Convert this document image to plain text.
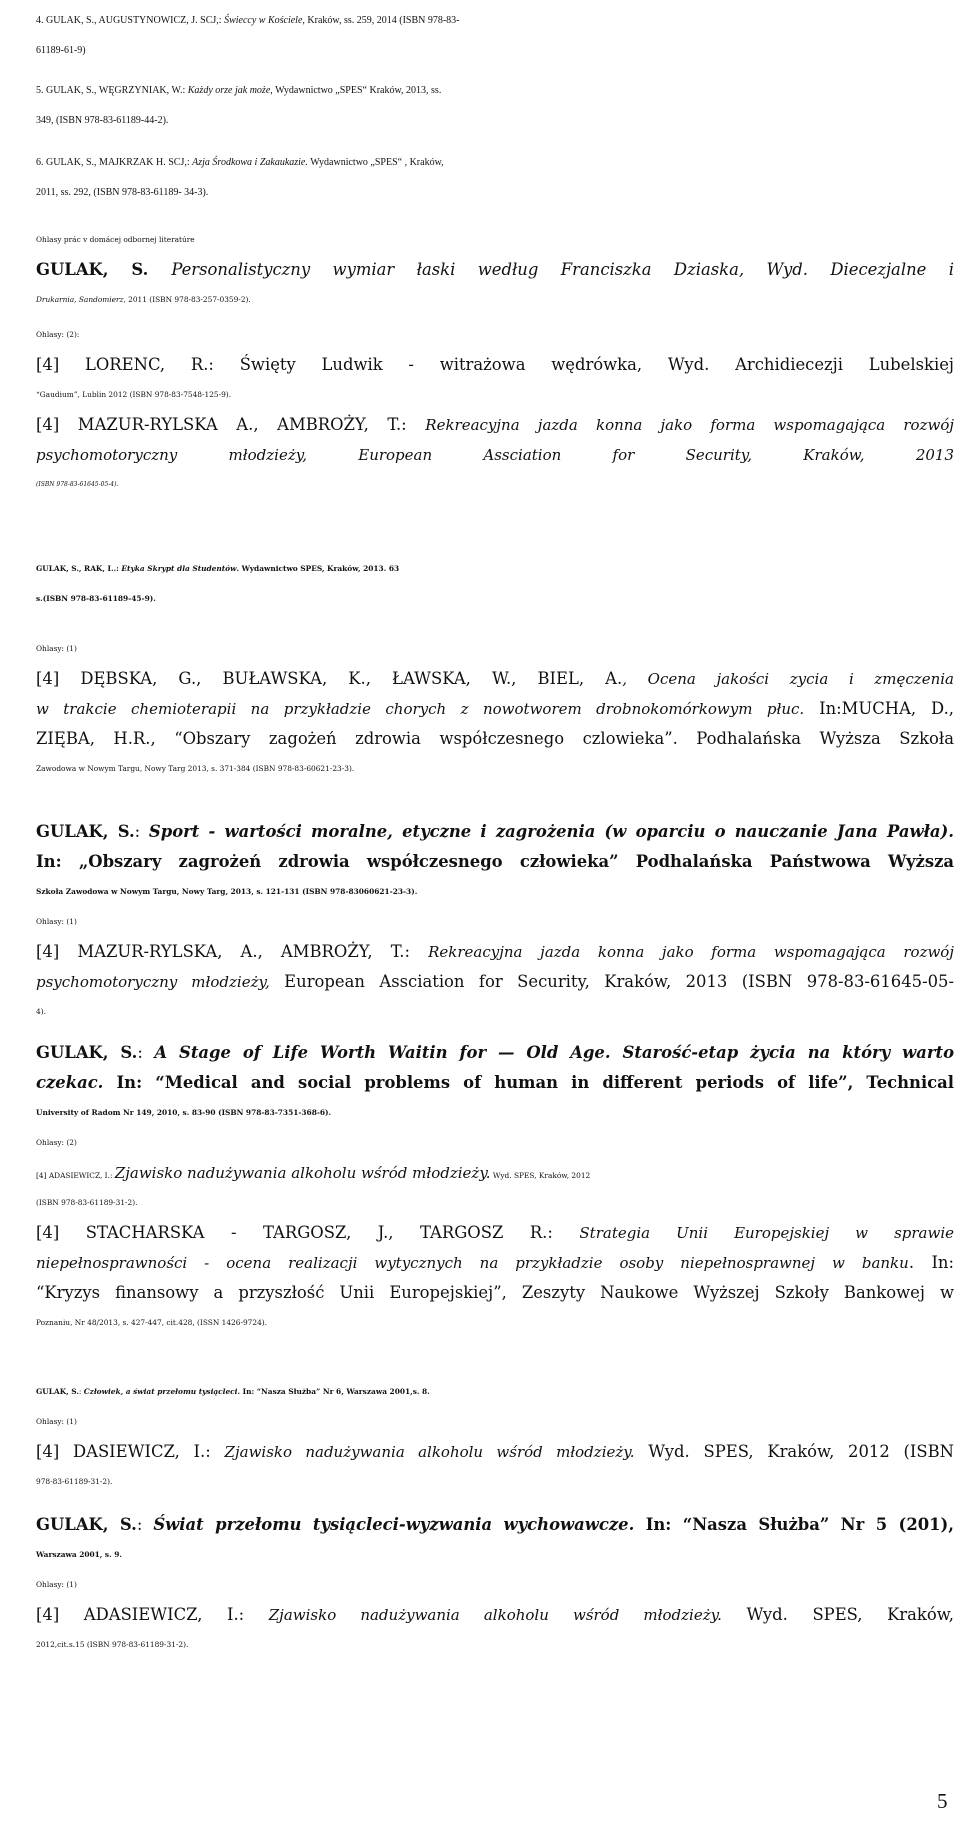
4. GULAK, S., AUGUSTYNOWICZ, J. SCJ,: Świeccy w Kościele, Kraków, ss. 259, 2014 (ISBN 978-83-
61189-61-9)
5. GULAK, S., WĘGRZYNIAK, W.: Każdy orze jak może, Wydawnictwo „SPES“ Kraków, 2013, ss.
349, (ISBN 978-83-61189-44-2).
6. GULAK, S., MAJKRZAK H. SCJ,: Azja Środkowa i Zakaukazie. Wydawnictwo „SPES“ , Kraków,
2011, ss. 292, (ISBN 978-83-61189- 34-3).
Ohlasy prác v domácej odbornej literatúre
GULAK, S. Personalistyczny wymiar łaski według Franciszka Dziaska, Wyd. Diecezjalne i
Drukarnia, Sandomierz, 2011 (ISBN 978-83-257-0359-2).
Ohlasy: (2):
[4] LORENC, R.: Święty Ludwik - witrażowa wędrówka, Wyd. Archidiecezji Lubelskiej
“Gaudium”, Lublin 2012 (ISBN 978-83-7548-125-9).
[4] MAZUR-RYLSKA A., AMBROŻY, T.: Rekreacyjna jazda konna jako forma wspomagająca rozwój
psychomotoryczny młodzieży, European Assciation for Security, Kraków, 2013
(ISBN 978-83-61645-05-4).
GULAK, S., RAK, I..: Etyka Skrypt dla Studentów. Wydawnictwo SPES, Kraków, 2013. 63
s.(ISBN 978-83-61189-45-9).
Ohlasy: (1)
[4] DĘBSKA, G., BUŁAWSKA, K., ŁAWSKA, W., BIEL, A., Ocena jakości zycia i zmęczenia
w trakcie chemioterapii na przykładzie chorych z nowotworem drobnokomórkowym płuc. In:MUCHA, D.,
ZIĘBA, H.R., “Obszary zagożeń zdrowia współczesnego czlowieka”. Podhalańska Wyższa Szkoła
Zawodowa w Nowym Targu, Nowy Targ 2013, s. 371-384 (ISBN 978-83-60621-23-3).
GULAK, S.: Sport - wartości moralne, etyczne i zagrożenia (w oparciu o nauczanie Jana Pawła).
In: „Obszary zagrożeń zdrowia współczesnego człowieka” Podhalańska Państwowa Wyższa
Szkoła Zawodowa w Nowym Targu, Nowy Targ, 2013, s. 121-131 (ISBN 978-83060621-23-3).
Ohlasy: (1)
[4] MAZUR-RYLSKA, A., AMBROŻY, T.: Rekreacyjna jazda konna jako forma wspomagająca rozwój
psychomotoryczny młodzieży, European Assciation for Security, Kraków, 2013 (ISBN 978-83-61645-05-
4).
GULAK, S.: A Stage of Life Worth Waitin for — Old Age. Starość-etap życia na który warto
czekac. In: “Medical and social problems of human in different periods of life”, Technical
University of Radom Nr 149, 2010, s. 83-90 (ISBN 978-83-7351-368-6).
Ohlasy: (2)
[4] ADASIEWICZ, I.: Zjawisko nadużywania alkoholu wśród młodzieży. Wyd. SPES, Kraków, 2012
(ISBN 978-83-61189-31-2).
[4] STACHARSKA - TARGOSZ, J., TARGOSZ R.: Strategia Unii Europejskiej w sprawie
niepełnosprawności - ocena realizacji wytycznych na przykładzie osoby niepełnosprawnej w banku. In:
“Kryzys finansowy a przyszłość Unii Europejskiej”, Zeszyty Naukowe Wyższej Szkoły Bankowej w
Poznaniu, Nr 48/2013, s. 427-447, cit.428, (ISSN 1426-9724).
GULAK, S.: Człowiek, a świat przełomu tysiącleci. In: “Nasza Służba” Nr 6, Warszawa 2001,s. 8.
Ohlasy: (1)
[4] DASIEWICZ, I.: Zjawisko nadużywania alkoholu wśród młodzieży. Wyd. SPES, Kraków, 2012 (ISBN
978-83-61189-31-2).
GULAK, S.: Świat przełomu tysiącleci-wyzwania wychowawcze. In: “Nasza Służba” Nr 5 (201),
Warszawa 2001, s. 9.
Ohlasy: (1)
[4] ADASIEWICZ, I.: Zjawisko nadużywania alkoholu wśród młodzieży. Wyd. SPES, Kraków,
2012,cit.s.15 (ISBN 978-83-61189-31-2).
5
